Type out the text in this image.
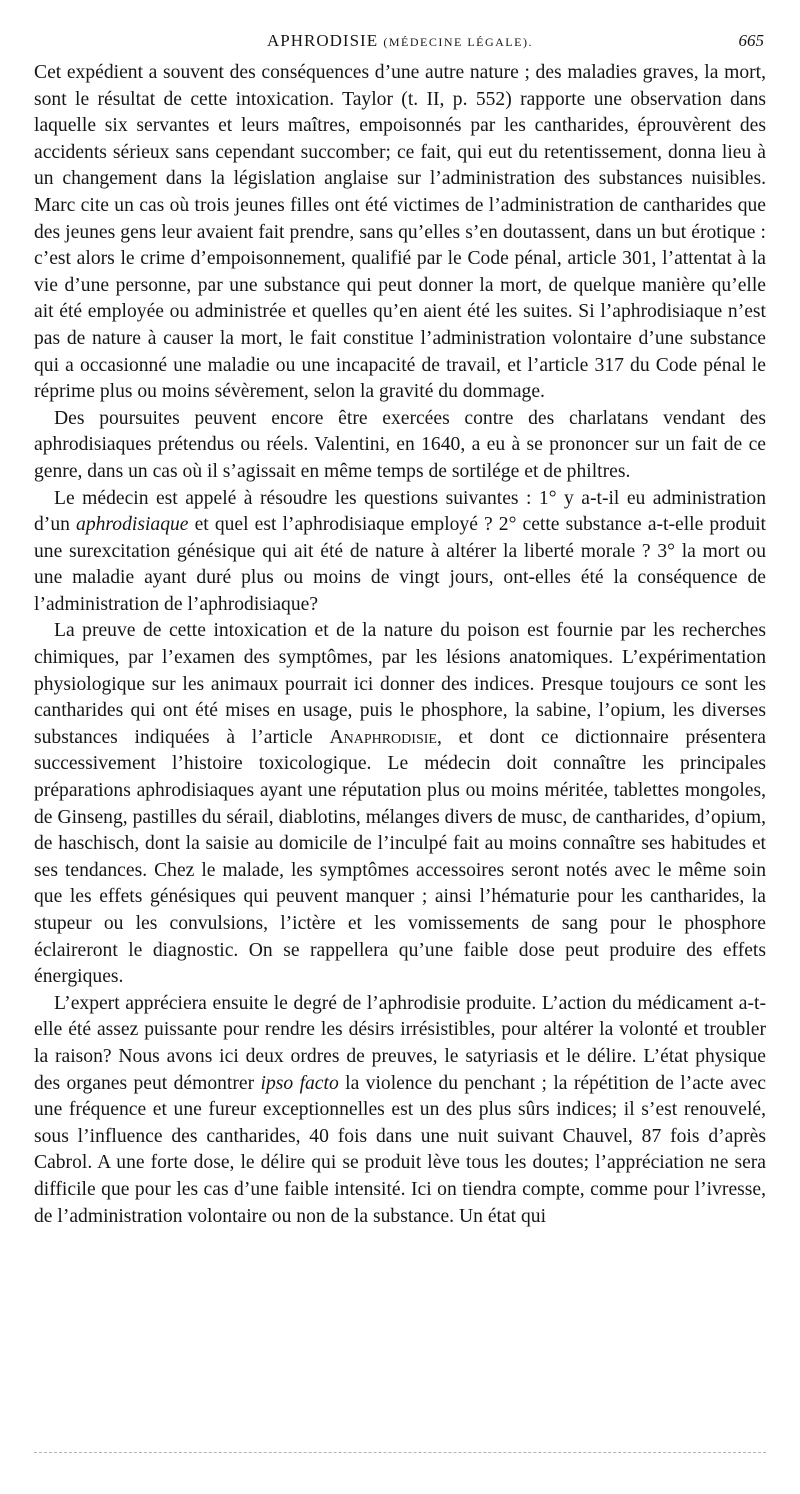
APHRODISIE (MÉDECINE LÉGALE).	665

Cet expédient a souvent des conséquences d’une autre nature ; des maladies graves, la mort, sont le résultat de cette intoxication. Taylor (t. II, p. 552) rapporte une observation dans laquelle six servantes et leurs maîtres, empoisonnés par les cantharides, éprouvèrent des accidents sérieux sans cependant succomber; ce fait, qui eut du retentissement, donna lieu à un changement dans la législation anglaise sur l’administration des substances nuisibles. Marc cite un cas où trois jeunes filles ont été victimes de l’administration de cantharides que des jeunes gens leur avaient fait prendre, sans qu’elles s’en doutassent, dans un but érotique : c’est alors le crime d’empoisonnement, qualifié par le Code pénal, article 301, l’attentat à la vie d’une personne, par une substance qui peut donner la mort, de quelque manière qu’elle ait été employée ou administrée et quelles qu’en aient été les suites. Si l’aphrodisiaque n’est pas de nature à causer la mort, le fait constitue l’administration volontaire d’une substance qui a occasionné une maladie ou une incapacité de travail, et l’article 317 du Code pénal le réprime plus ou moins sévèrement, selon la gravité du dommage.

Des poursuites peuvent encore être exercées contre des charlatans vendant des aphrodisiaques prétendus ou réels. Valentini, en 1640, a eu à se prononcer sur un fait de ce genre, dans un cas où il s’agissait en même temps de sortilége et de philtres.

Le médecin est appelé à résoudre les questions suivantes : 1° y a-t-il eu administration d’un aphrodisiaque et quel est l’aphrodisiaque employé ? 2° cette substance a-t-elle produit une surexcitation génésique qui ait été de nature à altérer la liberté morale ? 3° la mort ou une maladie ayant duré plus ou moins de vingt jours, ont-elles été la conséquence de l’administration de l’aphrodisiaque?

La preuve de cette intoxication et de la nature du poison est fournie par les recherches chimiques, par l’examen des symptômes, par les lésions anatomiques. L’expérimentation physiologique sur les animaux pourrait ici donner des indices. Presque toujours ce sont les cantharides qui ont été mises en usage, puis le phosphore, la sabine, l’opium, les diverses substances indiquées à l’article Anaphrodisie, et dont ce dictionnaire présentera successivement l’histoire toxicologique. Le médecin doit connaître les principales préparations aphrodisiaques ayant une réputation plus ou moins méritée, tablettes mongoles, de Ginseng, pastilles du sérail, diablotins, mélanges divers de musc, de cantharides, d’opium, de haschisch, dont la saisie au domicile de l’inculpé fait au moins connaître ses habitudes et ses tendances. Chez le malade, les symptômes accessoires seront notés avec le même soin que les effets génésiques qui peuvent manquer ; ainsi l’hématurie pour les cantharides, la stupeur ou les convulsions, l’ictère et les vomissements de sang pour le phosphore éclaireront le diagnostic. On se rappellera qu’une faible dose peut produire des effets énergiques.

L’expert appréciera ensuite le degré de l’aphrodisie produite. L’action du médicament a-t-elle été assez puissante pour rendre les désirs irrésistibles, pour altérer la volonté et troubler la raison? Nous avons ici deux ordres de preuves, le satyriasis et le délire. L’état physique des organes peut démontrer ipso facto la violence du penchant ; la répétition de l’acte avec une fréquence et une fureur exceptionnelles est un des plus sûrs indices; il s’est renouvelé, sous l’influence des cantharides, 40 fois dans une nuit suivant Chauvel, 87 fois d’après Cabrol. A une forte dose, le délire qui se produit lève tous les doutes; l’appréciation ne sera difficile que pour les cas d’une faible intensité. Ici on tiendra compte, comme pour l’ivresse, de l’administration volontaire ou non de la substance. Un état qui
